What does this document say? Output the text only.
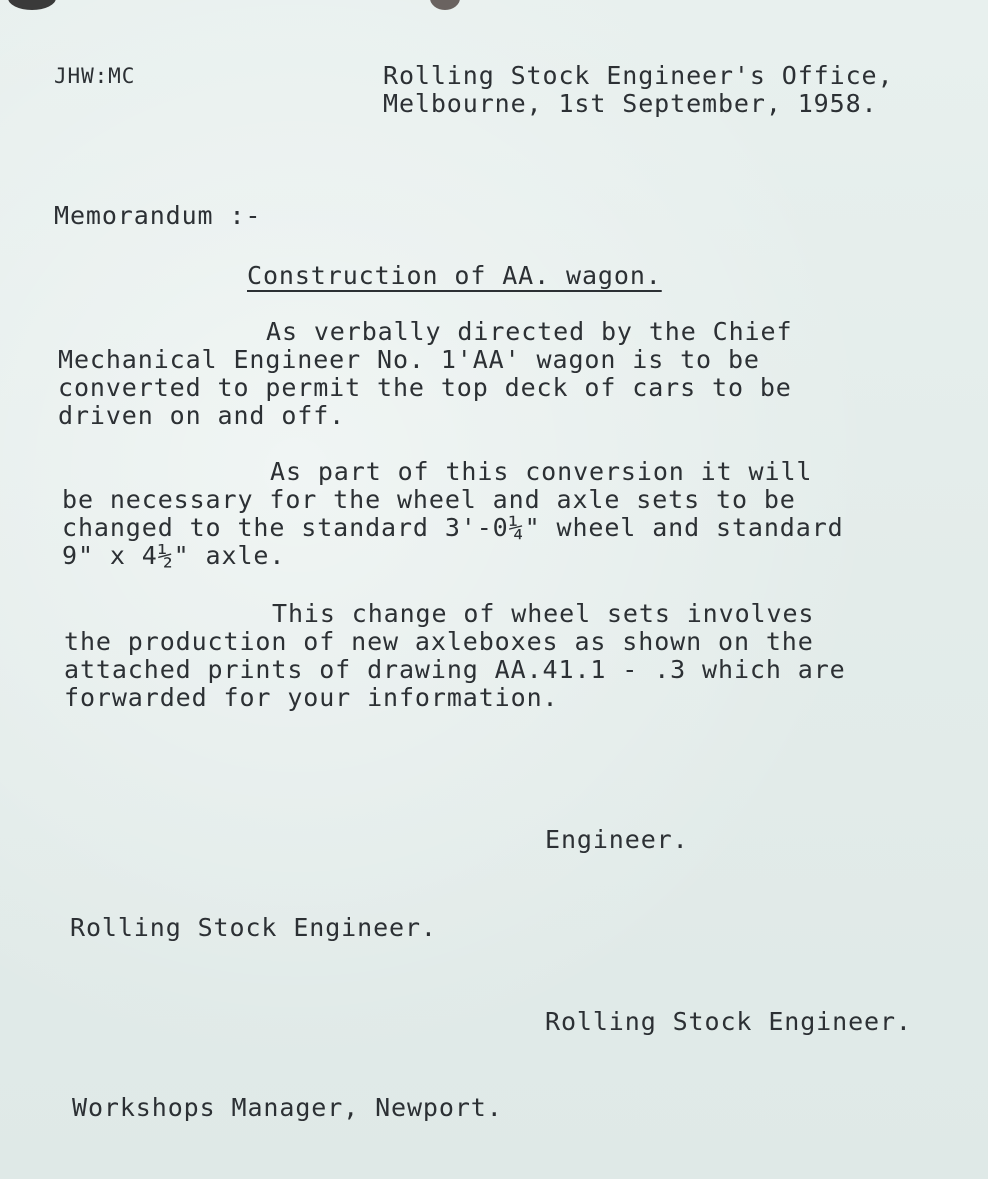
JHW:MC	Rolling Stock Engineer's Office,
Melbourne, 1st September, 1958.
Memorandum :-
Construction of AA. wagon.
As verbally directed by the Chief
Mechanical Engineer No. 1'AA' wagon is to be
converted to permit the top deck of cars to be
driven on and off.
As part of this conversion it will
be necessary for the wheel and axle sets to be
changed to the standard 3'-0¼" wheel and standard
9" x 4½" axle.
This change of wheel sets involves
the production of new axleboxes as shown on the
attached prints of drawing AA.41.1 - .3 which are
forwarded for your information.
Engineer.
Rolling Stock Engineer.
Rolling Stock Engineer.
Workshops Manager, Newport.
